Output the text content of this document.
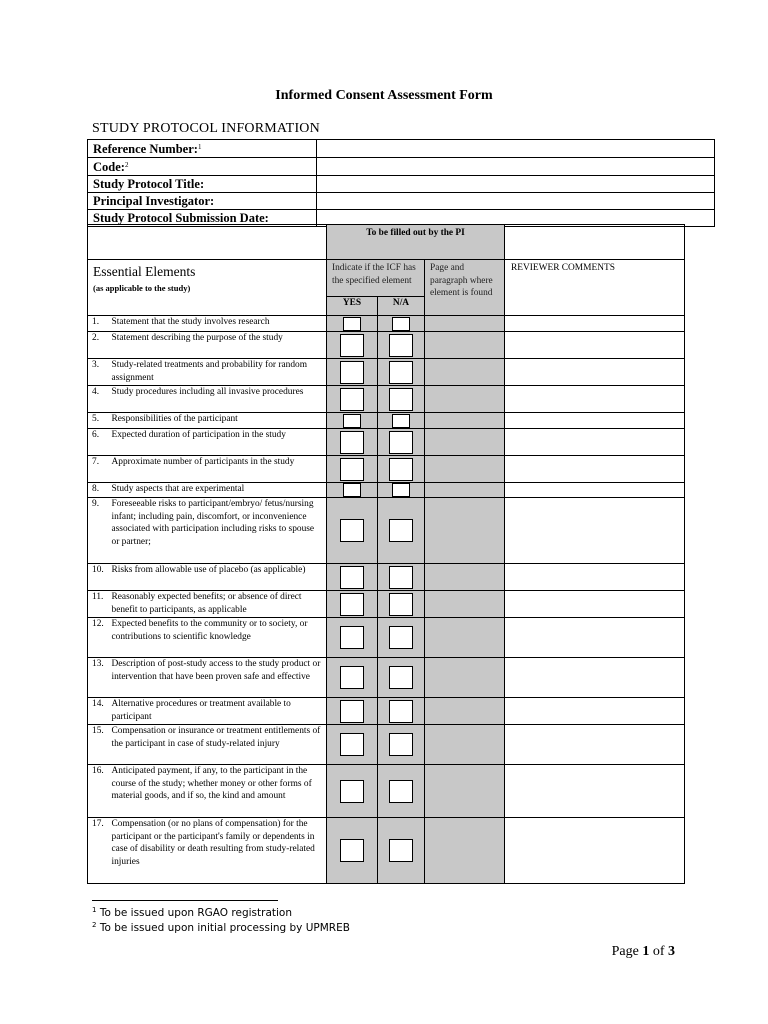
Informed Consent Assessment Form
STUDY PROTOCOL INFORMATION
Reference Number:$^1$	
Code:$^2$	
Study Protocol Title:	
Principal Investigator:	
Study Protocol Submission Date:	
		To be filled out by the PI			

Essential Elements
(as applicable to the study)		Indicate if the ICF has the specified element		Page and paragraph where element is found	REVIEWER COMMENTS
		YES	N/A		
1.	Statement that the study involves research				
2.	Statement describing the purpose of the study				
3.	Study-related treatments and probability for random assignment				
4.	Study procedures including all invasive procedures				
5.	Responsibilities of the participant				
6.	Expected duration of participation in the study				
7.	Approximate number of participants in the study				
8.	Study aspects that are experimental				
9.	Foreseeable risks to participant/embryo/ fetus/nursing infant; including pain, discomfort, or inconvenience associated with participation including risks to spouse or partner;				
10.	Risks from allowable use of placebo (as applicable)				
11.	Reasonably expected benefits; or absence of direct benefit to participants, as applicable				
12.	Expected benefits to the community or to society, or contributions to scientific knowledge				
13.	Description of post-study access to the study product or intervention that have been proven safe and effective				
14.	Alternative procedures or treatment available to participant				
15.	Compensation or insurance or treatment entitlements of the participant in case of study-related injury				
16.	Anticipated payment, if any, to the participant in the course of the study; whether money or other forms of material goods, and if so, the kind and amount				
17.	Compensation (or no plans of compensation) for the participant or the participant's family or dependents in case of disability or death resulting from study-related injuries				
$^1$ To be issued upon RGAO registration
$^2$ To be issued upon initial processing by UPMREB
Page 1 of 3
